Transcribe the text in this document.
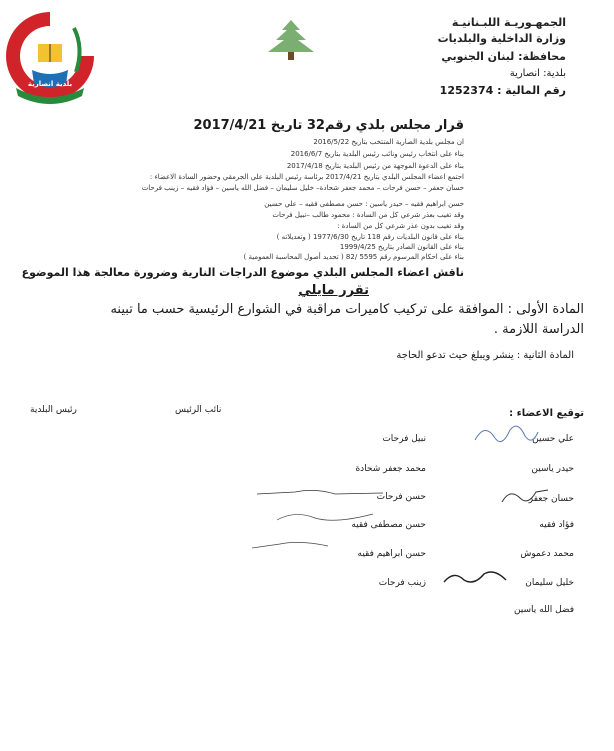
بلدية انصارية
الجمهـوريـة اللبـنانيـة
وزارة الداخلية والبلديات
محافظة: لبنان الجنوبي
بلدية: انصارية
رقم المالية : 1252374
قرار مجلس بلدي رقم32 تاريخ 2017/4/21
ان مجلس بلدية الصارية المنتخب بتاريخ 2016/5/22
بناء على انتخاب رئيس ونائب رئيس البلدية بتاريخ 2016/6/7
بناء على الدعوة الموجهة من رئيس البلدية بتاريخ 2017/4/18
اجتمع اعضاء المجلس البلدي بتاريخ 2017/4/21 برئاسة رئيس البلدية علي الجرمقي وحضور السادة الاعضاء :
حسان جعفر – حسن فرحات – محمد جعفر شحادة– خليل سليمان – فضل الله ياسين – فؤاد فقيه – زينب فرحات
حسن ابراهيم فقيه – حيدر ياسين : حسن مصطفى فقيه – علي حسين
وقد تغيب بعذر شرعي كل من السادة : محمود طالب –نبيل فرحات
وقد تغيب بدون عذر شرعي كل من السادة :
بناء على قانون البلديات رقم 118 تاريخ 1977/6/30 ( وتعديلاته )
بناء على القانون الصادر بتاريخ 1999/4/25
بناء على احكام المرسوم رقم 5595 /82 ( تحديد أصول المحاسبة العمومية )
ناقش اعضاء المجلس البلدي موضوع الدراجات النارية وضرورة معالجة هذا الموضوع
تقرر مايلي
المادة الأولى : الموافقة على تركيب كاميرات مراقبة في الشوارع الرئيسية حسب ما تبينه
الدراسة اللازمة .
المادة الثانية : ينشر ويبلغ حيث تدعو الحاجة
رئيس البلدية	نائب الرئيس	توقيع الاعضاء :
علي حسين
حيدر ياسين
حسان جعفر
فؤاد فقيه
محمد دعموش
خليل سليمان
فضل الله ياسين
نبيل فرحات
محمد جعفر شحادة
حسن فرحات
حسن مصطفى فقيه
حسن ابراهيم فقيه
زينب فرحات
